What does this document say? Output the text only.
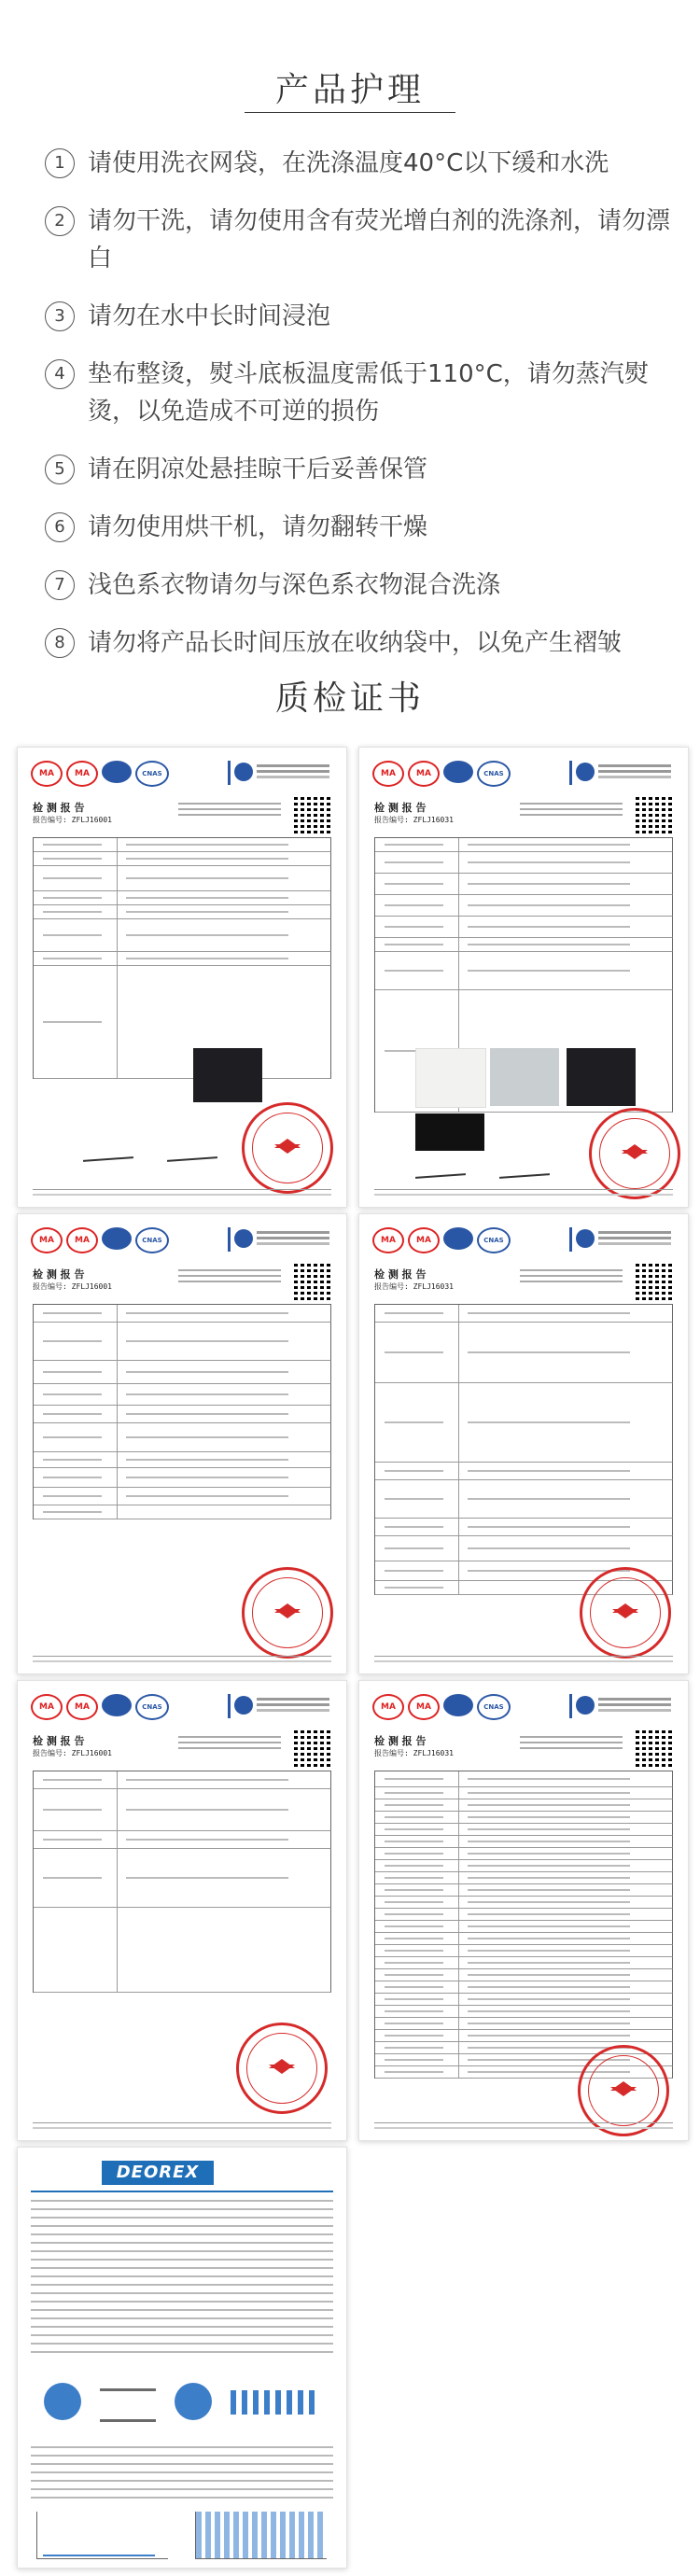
产品护理
1 请使用洗衣网袋，在洗涤温度40°C以下缓和水洗
2 请勿干洗，请勿使用含有荧光增白剂的洗涤剂，请勿漂白
3 请勿在水中长时间浸泡
4 垫布整烫，熨斗底板温度需低于110°C，请勿蒸汽熨烫，以免造成不可逆的损伤
5 请在阴凉处悬挂晾干后妥善保管
6 请勿使用烘干机，请勿翻转干燥
7 浅色系衣物请勿与深色系衣物混合洗涤
8 请勿将产品长时间压放在收纳袋中，以免产生褶皱
质检证书
MA MA	CNAS
检 测 报 告
报告编号: ZFLJ16001
MA MA	CNAS
检 测 报 告
报告编号: ZFLJ16031
MA MA	CNAS
检 测 报 告
报告编号: ZFLJ16001
MA MA	CNAS
检 测 报 告
报告编号: ZFLJ16031
MA MA	CNAS
检 测 报 告
报告编号: ZFLJ16001
MA MA	CNAS
检 测 报 告
报告编号: ZFLJ16031
DEOREX
